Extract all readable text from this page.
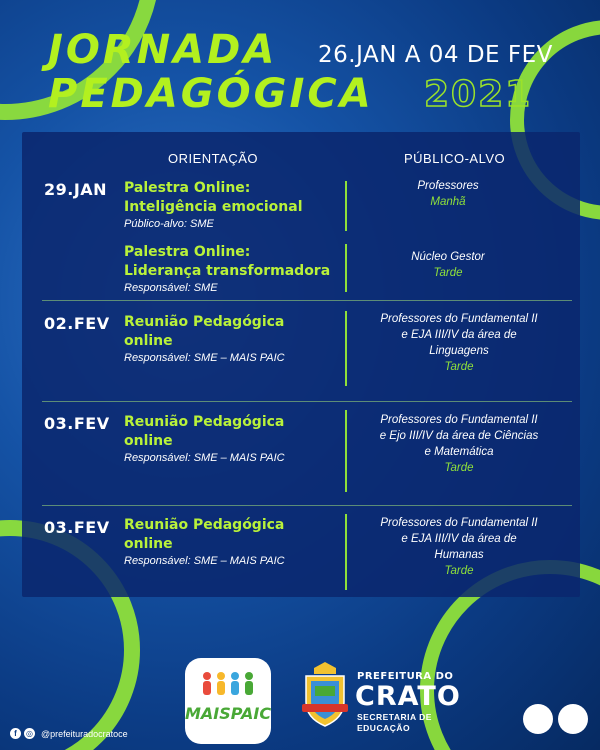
JORNADA
PEDAGÓGICA
26.JAN A 04 DE FEV
2021
ORIENTAÇÃO	PÚBLICO-ALVO
29.JAN Palestra Online:
Inteligência emocional
Público-alvo: SME
Professores
Manhã
Palestra Online:
Liderança transformadora
Responsável: SME
Núcleo Gestor
Tarde
02.FEV Reunião Pedagógica
online
Responsável: SME – MAIS PAIC
Professores do Fundamental II
e EJA III/IV da área de
Linguagens
Tarde
03.FEV Reunião Pedagógica
online
Responsável: SME – MAIS PAIC
Professores do Fundamental II
e Ejo III/IV da área de Ciências
e Matemática
Tarde
03.FEV Reunião Pedagógica
online
Responsável: SME – MAIS PAIC
Professores do Fundamental II
e EJA III/IV da área de
Humanas
Tarde
MAISPAIC
PREFEITURA DO
CRATO
SECRETARIA DE
EDUCAÇÃO
f	◎ @prefeituradocratoce
